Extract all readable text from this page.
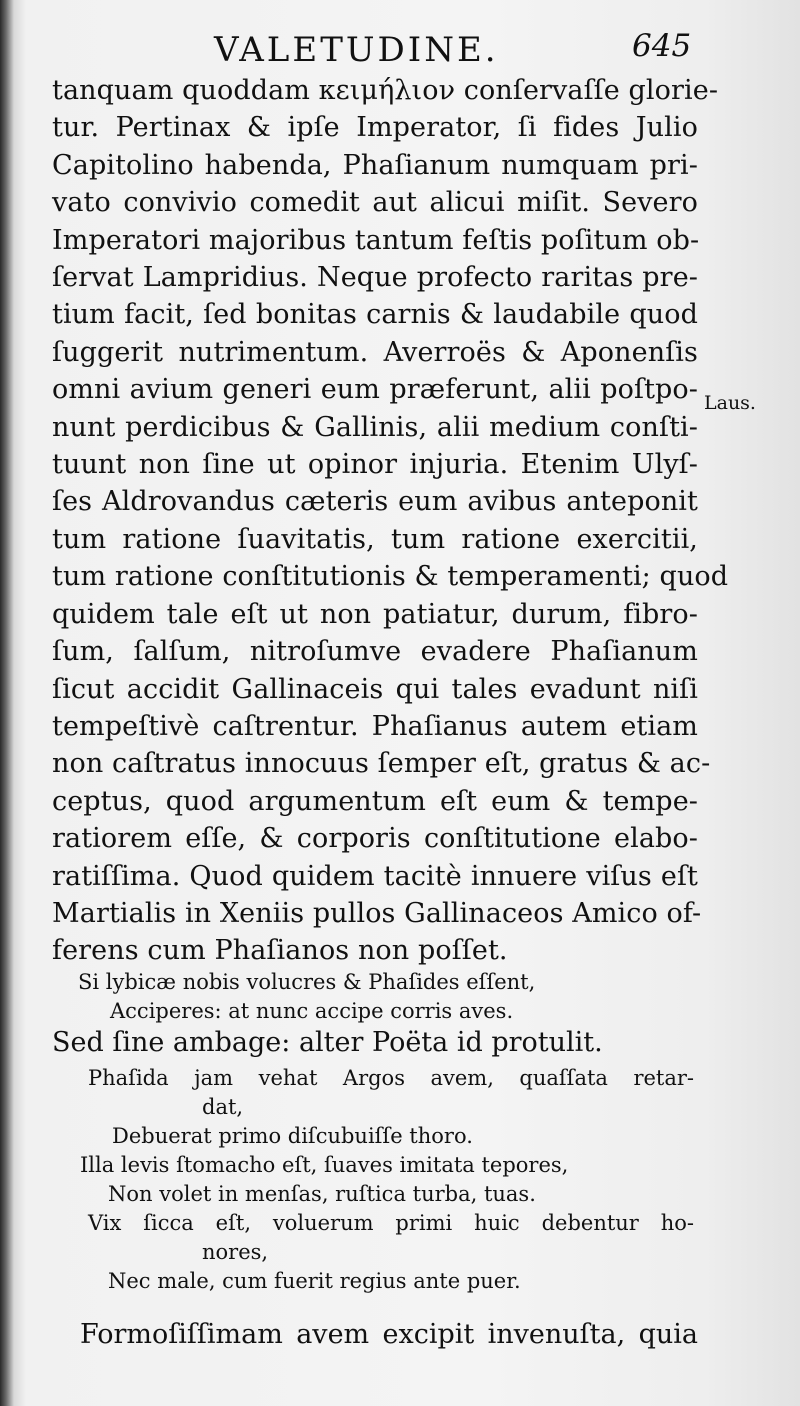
VALETUDINE.	645
tanquam quoddam κειμήλιον conſervaſſe glorie-
tur. Pertinax & ipſe Imperator, ſi fides Julio
Capitolino habenda, Phaſianum numquam pri-
vato convivio comedit aut alicui miſit. Severo
Imperatori majoribus tantum feſtis poſitum ob-
ſervat Lampridius. Neque profecto raritas pre-
tium facit, ſed bonitas carnis & laudabile quod
ſuggerit nutrimentum. Averroës & Aponenſis
omni avium generi eum præferunt, alii poſtpo-
nunt perdicibus & Gallinis, alii medium conſti-
tuunt non ſine ut opinor injuria. Etenim Ulyſ-
ſes Aldrovandus cæteris eum avibus anteponit
tum ratione ſuavitatis, tum ratione exercitii,
tum ratione conſtitutionis & temperamenti; quod
quidem tale eſt ut non patiatur, durum, fibro-
ſum, ſalſum, nitroſumve evadere Phaſianum
ſicut accidit Gallinaceis qui tales evadunt niſi
tempeſtivè caſtrentur. Phaſianus autem etiam
non caſtratus innocuus ſemper eſt, gratus & ac-
ceptus, quod argumentum eſt eum & tempe-
ratiorem eſſe, & corporis conſtitutione elabo-
ratiſſima. Quod quidem tacitè innuere viſus eſt
Martialis in Xeniis pullos Gallinaceos Amico of-
ferens cum Phaſianos non poſſet.
Laus.
Si lybicæ nobis volucres & Phaſides eſſent,
Acciperes: at nunc accipe corris aves.
Sed ſine ambage: alter Poëta id protulit.
Phaſida jam vehat Argos avem, quaſſata retar-
dat,
Debuerat primo diſcubuiſſe thoro.
Illa levis ſtomacho eſt, ſuaves imitata tepores,
Non volet in menſas, ruſtica turba, tuas.
Vix ſicca eſt, voluerum primi huic debentur ho-
nores,
Nec male, cum fuerit regius ante puer.
Formoſiſſimam avem excipit invenuſta, quia
